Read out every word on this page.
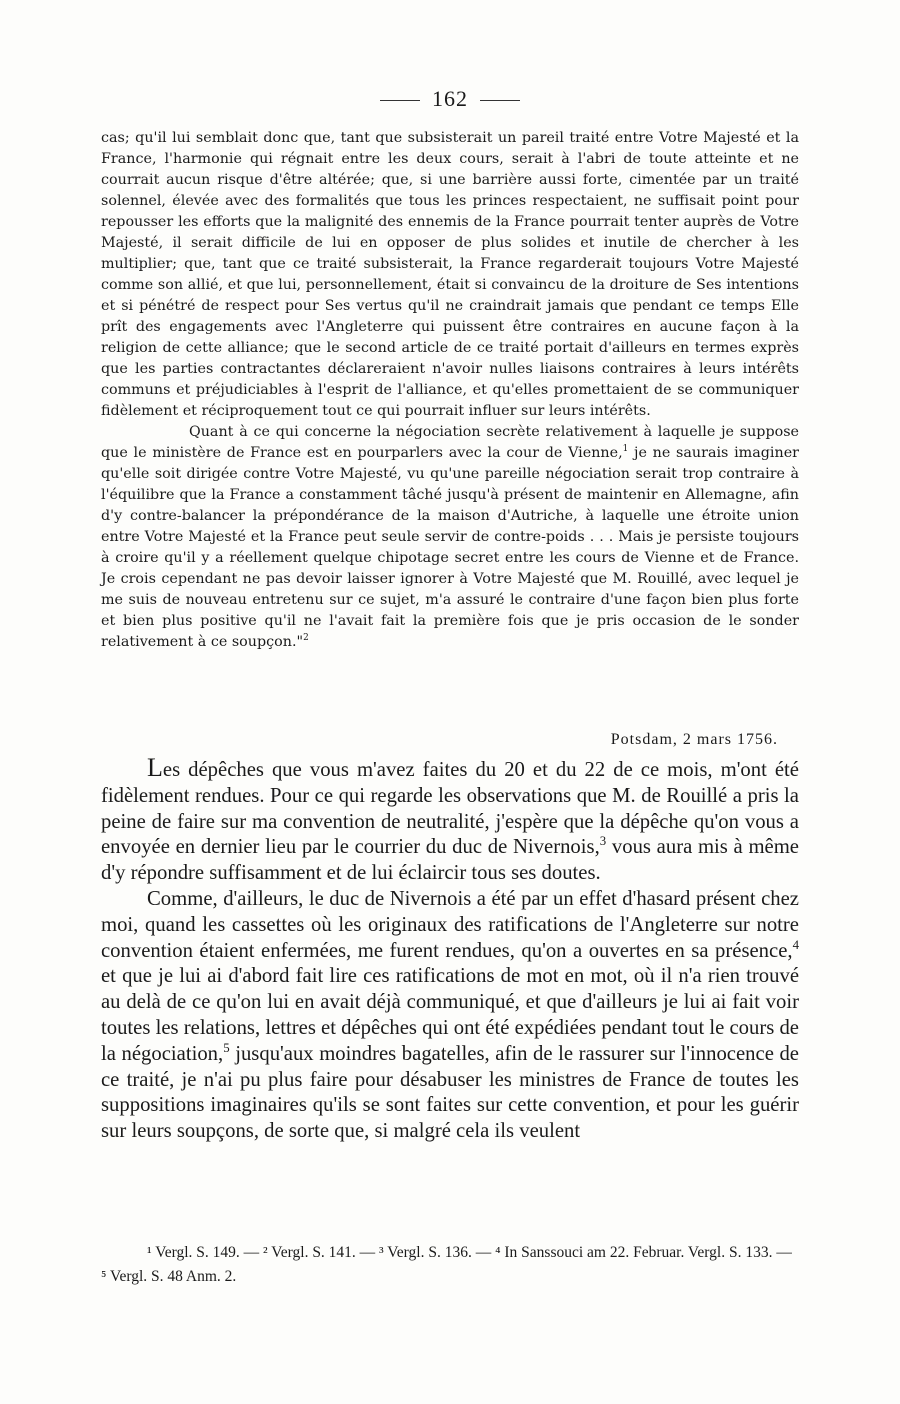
162

cas; qu'il lui semblait donc que, tant que subsisterait un pareil traité entre Votre Majesté et la France, l'harmonie qui régnait entre les deux cours, serait à l'abri de toute atteinte et ne courrait aucun risque d'être altérée; que, si une barrière aussi forte, cimentée par un traité solennel, élevée avec des formalités que tous les princes respectaient, ne suffisait point pour repousser les efforts que la malignité des ennemis de la France pourrait tenter auprès de Votre Majesté, il serait difficile de lui en opposer de plus solides et inutile de chercher à les multiplier; que, tant que ce traité subsisterait, la France regarderait toujours Votre Majesté comme son allié, et que lui, personnellement, était si convaincu de la droiture de Ses intentions et si pénétré de respect pour Ses vertus qu'il ne craindrait jamais que pendant ce temps Elle prît des engagements avec l'Angleterre qui puissent être contraires en aucune façon à la religion de cette alliance; que le second article de ce traité portait d'ailleurs en termes exprès que les parties contractantes déclareraient n'avoir nulles liaisons contraires à leurs intérêts communs et préjudiciables à l'esprit de l'alliance, et qu'elles promettaient de se communiquer fidèlement et réciproquement tout ce qui pourrait influer sur leurs intérêts.

Quant à ce qui concerne la négociation secrète relativement à laquelle je suppose que le ministère de France est en pourparlers avec la cour de Vienne,$^1$ je ne saurais imaginer qu'elle soit dirigée contre Votre Majesté, vu qu'une pareille négociation serait trop contraire à l'équilibre que la France a constamment tâché jusqu'à présent de maintenir en Allemagne, afin d'y contre-balancer la prépondérance de la maison d'Autriche, à laquelle une étroite union entre Votre Majesté et la France peut seule servir de contre-poids . . . Mais je persiste toujours à croire qu'il y a réellement quelque chipotage secret entre les cours de Vienne et de France. Je crois cependant ne pas devoir laisser ignorer à Votre Majesté que M. Rouillé, avec lequel je me suis de nouveau entretenu sur ce sujet, m'a assuré le contraire d'une façon bien plus forte et bien plus positive qu'il ne l'avait fait la première fois que je pris occasion de le sonder relativement à ce soupçon."$^2$

Potsdam, 2 mars 1756.

Les dépêches que vous m'avez faites du 20 et du 22 de ce mois, m'ont été fidèlement rendues. Pour ce qui regarde les observations que M. de Rouillé a pris la peine de faire sur ma convention de neutralité, j'espère que la dépêche qu'on vous a envoyée en dernier lieu par le courrier du duc de Nivernois,$^3$ vous aura mis à même d'y répondre suffisamment et de lui éclaircir tous ses doutes.

Comme, d'ailleurs, le duc de Nivernois a été par un effet d'hasard présent chez moi, quand les cassettes où les originaux des ratifications de l'Angleterre sur notre convention étaient enfermées, me furent rendues, qu'on a ouvertes en sa présence,$^4$ et que je lui ai d'abord fait lire ces ratifications de mot en mot, où il n'a rien trouvé au delà de ce qu'on lui en avait déjà communiqué, et que d'ailleurs je lui ai fait voir toutes les relations, lettres et dépêches qui ont été expédiées pendant tout le cours de la négociation,$^5$ jusqu'aux moindres bagatelles, afin de le rassurer sur l'innocence de ce traité, je n'ai pu plus faire pour désabuser les ministres de France de toutes les suppositions imaginaires qu'ils se sont faites sur cette convention, et pour les guérir sur leurs soupçons, de sorte que, si malgré cela ils veulent

¹ Vergl. S. 149. — ² Vergl. S. 141. — ³ Vergl. S. 136. — ⁴ In Sanssouci am 22. Februar. Vergl. S. 133. — ⁵ Vergl. S. 48 Anm. 2.
